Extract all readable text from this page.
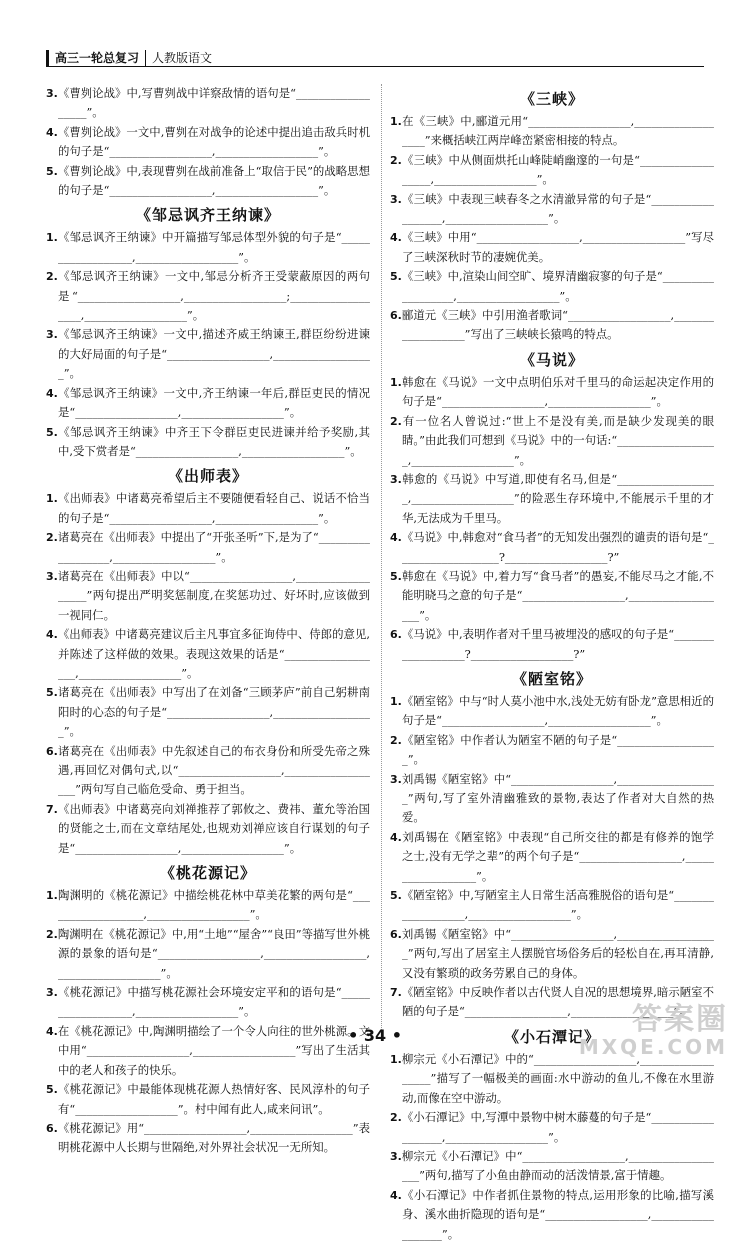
高三一轮总复习	人教版语文
3.《曹刿论战》中,写曹刿战中详察敌情的语句是“__________________”。
4.《曹刿论战》一文中,曹刿在对战争的论述中提出追击敌兵时机的句子是“__________________,__________________”。
5.《曹刿论战》中,表现曹刿在战前准备上“取信于民”的战略思想的句子是“__________________,__________________”。
《邹忌讽齐王纳谏》
1.《邹忌讽齐王纳谏》中开篇描写邹忌体型外貌的句子是“__________________,__________________”。
2.《邹忌讽齐王纳谏》一文中,邹忌分析齐王受蒙蔽原因的两句是“__________________,__________________;__________________,__________________”。
3.《邹忌讽齐王纳谏》一文中,描述齐威王纳谏王,群臣纷纷进谏的大好局面的句子是“__________________,__________________”。
4.《邹忌讽齐王纳谏》一文中,齐王纳谏一年后,群臣吏民的情况是“__________________,__________________”。
5.《邹忌讽齐王纳谏》中齐王下令群臣吏民进谏并给予奖励,其中,受下赏者是“__________________,__________________”。
《出师表》
1.《出师表》中诸葛亮希望后主不要随便看轻自己、说话不恰当的句子是“__________________,__________________”。
2.诸葛亮在《出师表》中提出了“开张圣听”下,是为了“__________________,__________________”。
3.诸葛亮在《出师表》中以“__________________,__________________”两句提出严明奖惩制度,在奖惩功过、好坏时,应该做到一视同仁。
4.《出师表》中诸葛亮建议后主凡事宜多征询侍中、侍郎的意见,并陈述了这样做的效果。表现这效果的话是“__________________,__________________”。
5.诸葛亮在《出师表》中写出了在刘备“三顾茅庐”前自己躬耕南阳时的心态的句子是“__________________,__________________”。
6.诸葛亮在《出师表》中先叙述自己的布衣身份和所受先帝之殊遇,再回忆对偶句式,以“__________________,__________________”两句写自己临危受命、勇于担当。
7.《出师表》中诸葛亮向刘禅推荐了郭攸之、费祎、董允等治国的贤能之士,而在文章结尾处,也规劝刘禅应该自行谋划的句子是“__________________,__________________”。
《桃花源记》
1.陶渊明的《桃花源记》中描绘桃花林中草美花繁的两句是“__________________,__________________”。
2.陶渊明在《桃花源记》中,用“土地”“屋舍”“良田”等描写世外桃源的景象的语句是“__________________,__________________,__________________”。
3.《桃花源记》中描写桃花源社会环境安定平和的语句是“__________________,__________________”。
4.在《桃花源记》中,陶渊明描绘了一个令人向往的世外桃源。文中用“__________________,__________________”写出了生活其中的老人和孩子的快乐。
5.《桃花源记》中最能体现桃花源人热情好客、民风淳朴的句子有“__________________”。村中闻有此人,咸来问讯”。
6.《桃花源记》用“__________________,__________________”表明桃花源中人长期与世隔绝,对外界社会状况一无所知。
《三峡》
1.在《三峡》中,郦道元用“__________________,__________________”来概括峡江两岸峰峦紧密相接的特点。
2.《三峡》中从侧面烘托山峰陡峭幽邃的一句是“__________________,__________________”。
3.《三峡》中表现三峡春冬之水清澈异常的句子是“__________________,__________________”。
4.《三峡》中用“__________________,__________________”写尽了三峡深秋时节的凄婉优美。
5.《三峡》中,渲染山间空旷、境界清幽寂寥的句子是“__________________,__________________”。
6.郦道元《三峡》中引用渔者歌词“__________________,__________________”写出了三峡峡长猿鸣的特点。
《马说》
1.韩愈在《马说》一文中点明伯乐对千里马的命运起决定作用的句子是“__________________,__________________”。
2.有一位名人曾说过:“世上不是没有美,而是缺少发现美的眼睛。”由此我们可想到《马说》中的一句话:“__________________,__________________”。
3.韩愈的《马说》中写道,即使有名马,但是“__________________,__________________”的险恶生存环境中,不能展示千里的才华,无法成为千里马。
4.《马说》中,韩愈对“食马者”的无知发出强烈的谴责的语句是“__________________?__________________?”
5.韩愈在《马说》中,着力写“食马者”的愚妄,不能尽马之才能,不能明晓马之意的句子是“__________________,__________________”。
6.《马说》中,表明作者对千里马被埋没的感叹的句子是“__________________?__________________?”
《陋室铭》
1.《陋室铭》中与“时人莫小池中水,浅处无妨有卧龙”意思相近的句子是“__________________,__________________”。
2.《陋室铭》中作者认为陋室不陋的句子是“__________________”。
3.刘禹锡《陋室铭》中“__________________,__________________”两句,写了室外清幽雅致的景物,表达了作者对大自然的热爱。
4.刘禹锡在《陋室铭》中表现“自己所交往的都是有修养的饱学之士,没有无学之辈”的两个句子是“__________________,__________________”。
5.《陋室铭》中,写陋室主人日常生活高雅脱俗的语句是“__________________,__________________”。
6.刘禹锡《陋室铭》中“__________________,__________________”两句,写出了居室主人摆脱官场俗务后的轻松自在,再耳清静,又没有繁琐的政务劳累自己的身体。
7.《陋室铭》中反映作者以古代贤人自况的思想境界,暗示陋室不陋的句子是“__________________,__________________”。
《小石潭记》
1.柳宗元《小石潭记》中的“__________________,__________________”描写了一幅极美的画面:水中游动的鱼儿,不像在水里游动,而像在空中游动。
2.《小石潭记》中,写潭中景物中树木藤蔓的句子是“__________________,__________________”。
3.柳宗元《小石潭记》中“__________________,__________________”两句,描写了小鱼由静而动的活泼情景,富于情趣。
4.《小石潭记》中作者抓住景物的特点,运用形象的比喻,描写溪身、溪水曲折隐现的语句是“__________________,__________________”。
• 34 •	答案圈
MXQE.COM
